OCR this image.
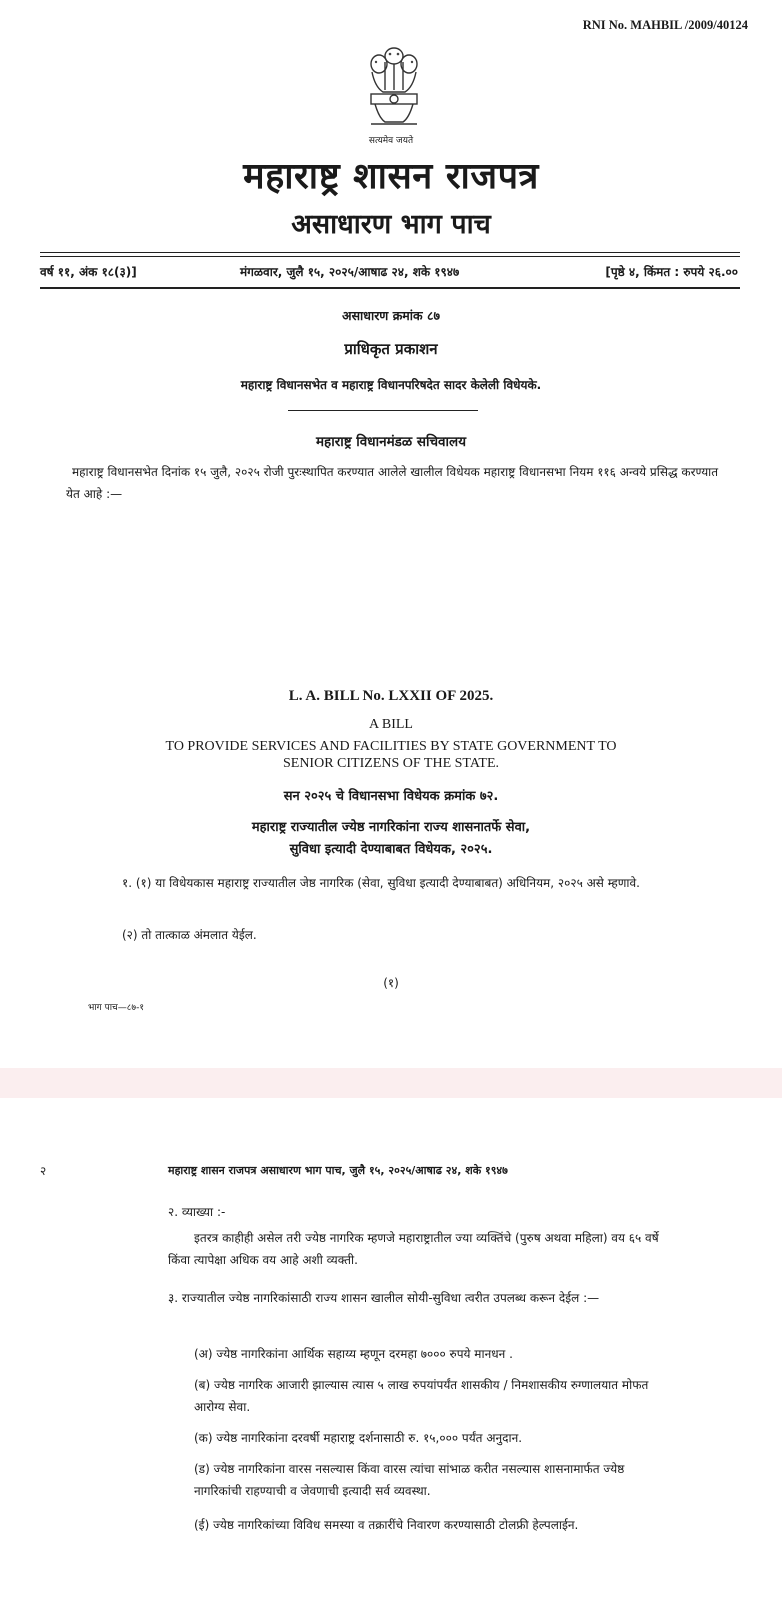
RNI No. MAHBIL /2009/40124
सत्यमेव जयते
महाराष्ट्र शासन राजपत्र
असाधारण भाग पाच
वर्ष ११, अंक १८(३)]	मंगळवार, जुलै १५, २०२५/आषाढ २४, शके १९४७	[पृष्ठे ४, किंमत : रुपये २६.००
असाधारण क्रमांक ८७
प्राधिकृत प्रकाशन
महाराष्ट्र विधानसभेत व महाराष्ट्र विधानपरिषदेत सादर केलेली विधेयके.
महाराष्ट्र विधानमंडळ सचिवालय
महाराष्ट्र विधानसभेत दिनांक १५ जुलै, २०२५ रोजी पुरःस्थापित करण्यात आलेले खालील विधेयक महाराष्ट्र विधानसभा नियम ११६ अन्वये प्रसिद्ध करण्यात येत आहे :—
L. A. BILL No. LXXII OF 2025.
A BILL
TO PROVIDE SERVICES AND FACILITIES BY STATE GOVERNMENT TO
SENIOR CITIZENS OF THE STATE.
सन २०२५ चे विधानसभा विधेयक क्रमांक ७२.
महाराष्ट्र राज्यातील ज्येष्ठ नागरिकांना राज्य शासनातर्फे सेवा,
सुविधा इत्यादी देण्याबाबत विधेयक, २०२५.
१. (१) या विधेयकास महाराष्ट्र राज्यातील जेष्ठ नागरिक (सेवा, सुविधा इत्यादी देण्याबाबत) अधिनियम, २०२५ असे म्हणावे.
(२) तो तात्काळ अंमलात येईल.
(१)
भाग पाच—८७-१
२	महाराष्ट्र शासन राजपत्र असाधारण भाग पाच, जुलै १५, २०२५/आषाढ २४, शके १९४७
२. व्याख्या :-
इतरत्र काहीही असेल तरी ज्येष्ठ नागरिक म्हणजे महाराष्ट्रातील ज्या व्यक्तिंचे (पुरुष अथवा महिला) वय ६५ वर्षे किंवा त्यापेक्षा अधिक वय आहे अशी व्यक्ती.
३. राज्यातील ज्येष्ठ नागरिकांसाठी राज्य शासन खालील सोयी-सुविधा त्वरीत उपलब्ध करून देईल :—
(अ) ज्येष्ठ नागरिकांना आर्थिक सहाय्य म्हणून दरमहा ७००० रुपये मानधन .
(ब) ज्येष्ठ नागरिक आजारी झाल्यास त्यास ५ लाख रुपयांपर्यंत शासकीय / निमशासकीय रुग्णालयात मोफत आरोग्य सेवा.
(क) ज्येष्ठ नागरिकांना दरवर्षी महाराष्ट्र दर्शनासाठी रु. १५,००० पर्यंत अनुदान.
(ड) ज्येष्ठ नागरिकांना वारस नसल्यास किंवा वारस त्यांचा सांभाळ करीत नसल्यास शासनामार्फत ज्येष्ठ नागरिकांची राहण्याची व जेवणाची इत्यादी सर्व व्यवस्था.
(ई) ज्येष्ठ नागरिकांच्या विविध समस्या व तक्रारींचे निवारण करण्यासाठी टोलफ्री हेल्पलाईन.
